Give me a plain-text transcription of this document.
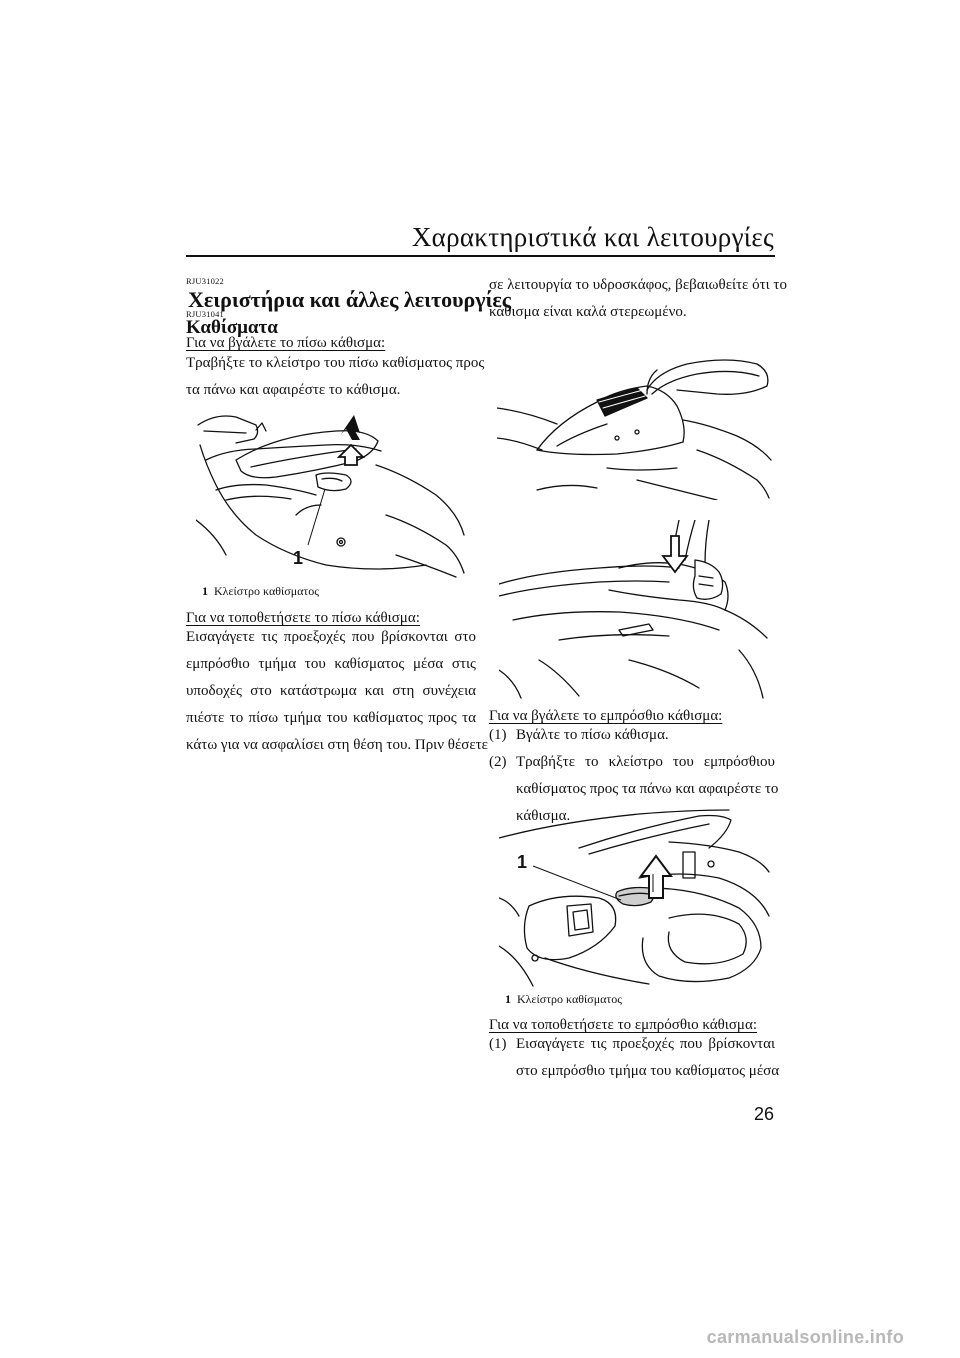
Χαρακτηριστικά και λειτουργίες
RJU31022
Χειριστήρια και άλλες λειτουργίες
RJU31041
Καθίσματα
Για να βγάλετε το πίσω κάθισμα:
Τραβήξτε το κλείστρο του πίσω καθίσματος προς
τα πάνω και αφαιρέστε το κάθισμα.
1
1 Κλείστρο καθίσματος
Για να τοποθετήσετε το πίσω κάθισμα:
Εισαγάγετε τις προεξοχές που βρίσκονται στο
εμπρόσθιο τμήμα του καθίσματος μέσα στις
υποδοχές στο κατάστρωμα και στη συνέχεια
πιέστε το πίσω τμήμα του καθίσματος προς τα
κάτω για να ασφαλίσει στη θέση του. Πριν θέσετε
σε λειτουργία το υδροσκάφος, βεβαιωθείτε ότι το
κάθισμα είναι καλά στερεωμένο.
Για να βγάλετε το εμπρόσθιο κάθισμα:
(1) Βγάλτε το πίσω κάθισμα.
(2) Τραβήξτε το κλείστρο του εμπρόσθιου
καθίσματος προς τα πάνω και αφαιρέστε το
κάθισμα.
1
1 Κλείστρο καθίσματος
Για να τοποθετήσετε το εμπρόσθιο κάθισμα:
(1) Εισαγάγετε τις προεξοχές που βρίσκονται
στο εμπρόσθιο τμήμα του καθίσματος μέσα
26
carmanualsonline.info
